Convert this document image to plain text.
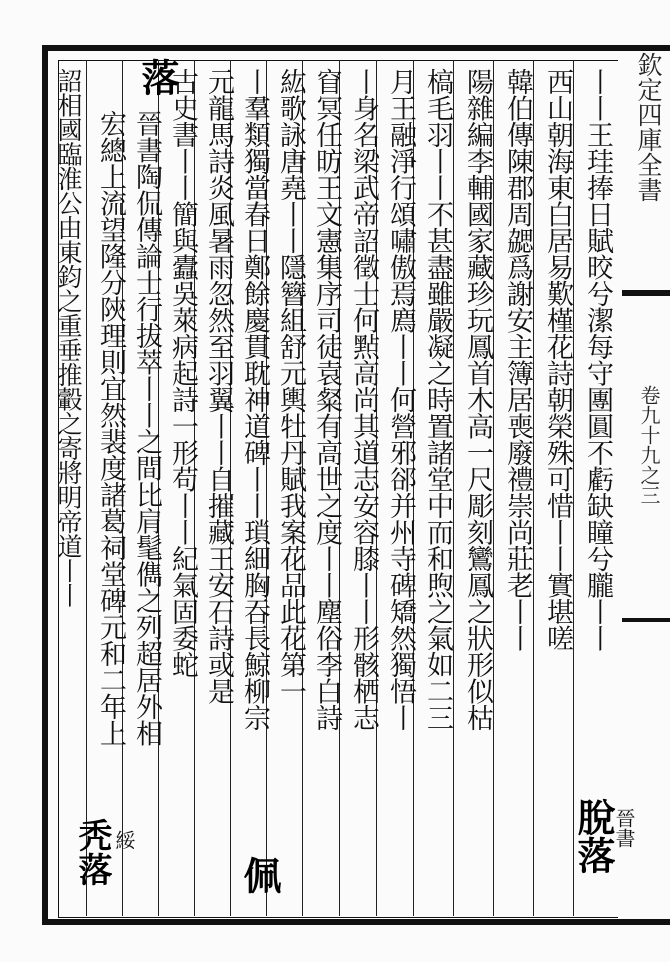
欽定四庫全書
卷九十九之三
丨丨王珪捧日賦晈兮潔每守團圓不虧缺瞳兮朧丨丨
西山朝海東白居易歎槿花詩朝榮殊可惜丨丨實堪嗟
韓伯傳陳郡周勰爲謝安主簿居喪廢禮崇尚莊老丨丨
陽雜編李輔國家藏珍玩鳳首木高一尺彫刻鸞鳳之狀形似枯
槁毛羽丨丨不甚盡雖嚴凝之時置諸堂中而和煦之氣如二三
月王融淨行頌嘯傲焉廌丨丨何營邪郤并州寺碑矯然獨悟丨
丨身名梁武帝詔徵士何㸃高尚其道志安容膝丨丨形骸栖志
窅冥任昉王文憲集序司徒袁粲有高世之度丨丨塵俗李白詩
紘歌詠唐堯丨丨隱簪組舒元輿牡丹賦我案花品此花第一
丨羣類獨當春日鄭餘慶貫耽神道碑丨丨瑣細胸吞長鯨柳宗
元龍馬詩炎風暑雨忽然至羽翼丨丨自摧藏王安石詩或是
古史書丨丨簡與蠹吳萊病起詩一形苟丨丨紀氣固委蛇
晉書陶侃傳論士行拔萃丨丨之間比肩髦儁之列超居外相
宏總上流望隆分陝理則宜然裴度諸葛祠堂碑元和二年上
詔相國臨淮公由東鈞之重垂推轂之寄將明帝道丨丨
脫落
晉書
佩
落
綏
秃落
